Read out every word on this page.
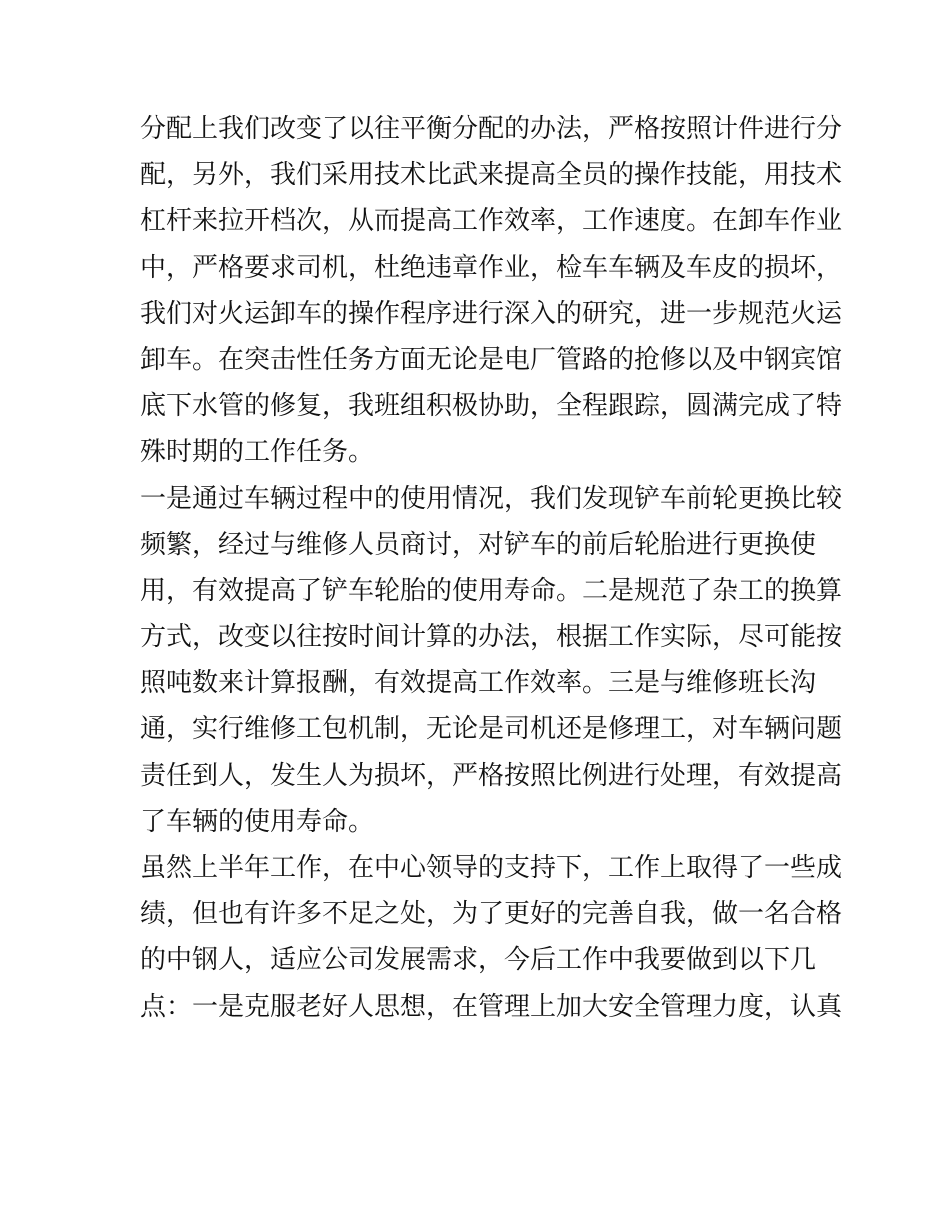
分配上我们改变了以往平衡分配的办法，严格按照计件进行分
配，另外，我们采用技术比武来提高全员的操作技能，用技术
杠杆来拉开档次，从而提高工作效率，工作速度。在卸车作业
中，严格要求司机，杜绝违章作业，检车车辆及车皮的损坏，
我们对火运卸车的操作程序进行深入的研究，进一步规范火运
卸车。在突击性任务方面无论是电厂管路的抢修以及中钢宾馆
底下水管的修复，我班组积极协助，全程跟踪，圆满完成了特
殊时期的工作任务。
一是通过车辆过程中的使用情况，我们发现铲车前轮更换比较
频繁，经过与维修人员商讨，对铲车的前后轮胎进行更换使
用，有效提高了铲车轮胎的使用寿命。二是规范了杂工的换算
方式，改变以往按时间计算的办法，根据工作实际，尽可能按
照吨数来计算报酬，有效提高工作效率。三是与维修班长沟
通，实行维修工包机制，无论是司机还是修理工，对车辆问题
责任到人，发生人为损坏，严格按照比例进行处理，有效提高
了车辆的使用寿命。
虽然上半年工作，在中心领导的支持下，工作上取得了一些成
绩，但也有许多不足之处，为了更好的完善自我，做一名合格
的中钢人，适应公司发展需求，今后工作中我要做到以下几
点：一是克服老好人思想，在管理上加大安全管理力度，认真
